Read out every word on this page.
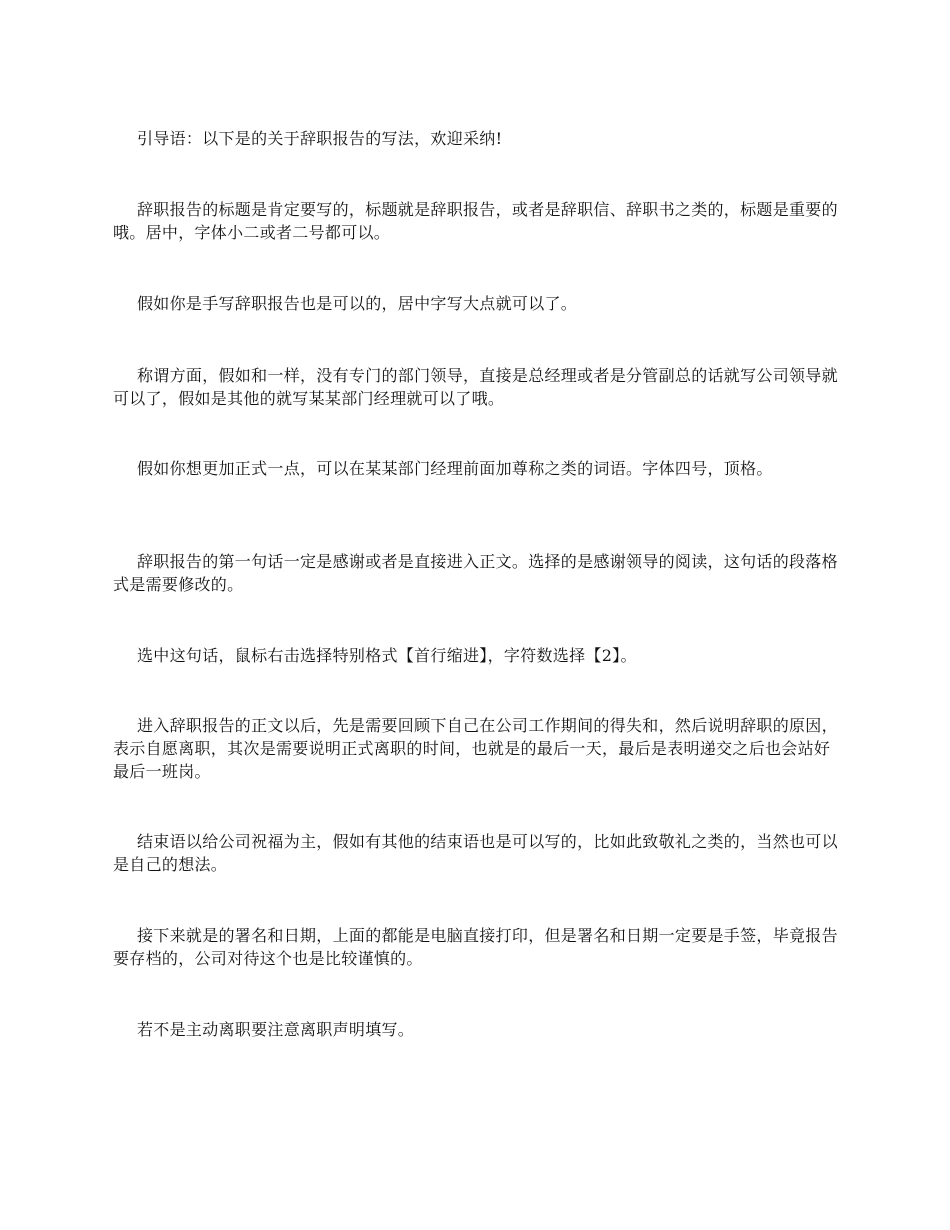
引导语：以下是的关于辞职报告的写法，欢迎采纳!

辞职报告的标题是肯定要写的，标题就是辞职报告，或者是辞职信、辞职书之类的，标题是重要的哦。居中，字体小二或者二号都可以。

假如你是手写辞职报告也是可以的，居中字写大点就可以了。

称谓方面，假如和一样，没有专门的部门领导，直接是总经理或者是分管副总的话就写公司领导就可以了，假如是其他的就写某某部门经理就可以了哦。

假如你想更加正式一点，可以在某某部门经理前面加尊称之类的词语。字体四号，顶格。

辞职报告的第一句话一定是感谢或者是直接进入正文。选择的是感谢领导的阅读，这句话的段落格式是需要修改的。

选中这句话，鼠标右击选择特别格式【首行缩进】，字符数选择【2】。

进入辞职报告的正文以后，先是需要回顾下自己在公司工作期间的得失和，然后说明辞职的原因，表示自愿离职，其次是需要说明正式离职的时间，也就是的最后一天，最后是表明递交之后也会站好最后一班岗。

结束语以给公司祝福为主，假如有其他的结束语也是可以写的，比如此致敬礼之类的，当然也可以是自己的想法。

接下来就是的署名和日期，上面的都能是电脑直接打印，但是署名和日期一定要是手签，毕竟报告要存档的，公司对待这个也是比较谨慎的。

若不是主动离职要注意离职声明填写。
